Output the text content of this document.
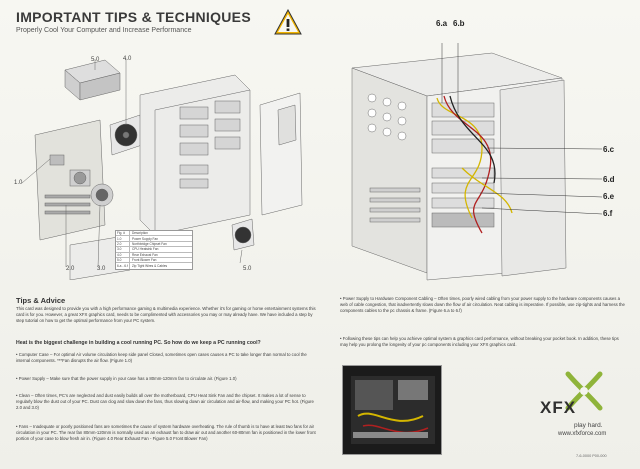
IMPORTANT TIPS & TECHNIQUES
Properly Cool Your Computer and Increase Performance
5.0	4.0
1.0
2.0	3.0	5.0
Fig. #	Description
1.0	Power Supply Fan
2.0	Northbridge Chipset Fan
3.0	CPU Heatsink Fan
4.0	Rear Exhaust Fan
5.0	Front Blower Fan
6.a - 6.f	Zip Tight Wires & Cables
6.a 6.b
6.c
6.d
6.e
6.f
Tips & Advice

This card was designed to provide you with a high performance gaming & multimedia experience. Whether it's for gaming or home entertainment systems this card is for you. However, a great XFX graphics card, needs to be complimented with accessories you may or may already have. We have included a step by step tutorial on how to get the optimal performance from your PC system.

Heat is the biggest challenge in building a cool running PC. So how do we keep a PC running cool?

• Computer Case – For optimal Air volume circulation keep side panel Closed, sometimes open cases causes a PC to take longer than normal to cool the internal components. ***Fan disrupts the air flow. (Figure 1.0)

• Power Supply – Make sure that the power supply in your case has a 80mm-120mm fan to circulate air. (Figure 1.0)

• Clean – Often times, PC's are neglected and dust easily builds all over the motherboard, CPU Heat Sink Fan and the chipset. It makes a lot of sense to regularly blow the dust out of your PC. Dust can clog and slow down the fans, thus slowing down air circulation and air-flow, and making your PC hot. (Figure 2.0 and 3.0)

• Fans – Inadequate or poorly positioned fans are sometimes the cause of system hardware overheating. The rule of thumb is to have at least two fans for air circulation in your PC. The rear fan 80mm-120mm is normally used as an exhaust fan to draw air out and another 60-80mm fan is positioned in the lower front portion of your case to blow fresh air in. (Figure 4.0 Rear Exhaust Fan - Figure 5.0 Front Blower Fan)

• Power Supply to Hardware Component Cabling – Often times, poorly wired cabling from your power supply to the hardware components causes a web of cable congestion, that inadvertently slows down the flow of air circulation. Neat cabling is imperative. If possible, use zip-tights and harness the components cables to the pc chassis & frame. (Figure 6.a to 6.f)

• Following these tips can help you achieve optimal system & graphics card performance, without breaking your pocket book. In addition, these tips may help you prolong the longevity of your pc components including your XFX graphics card.

XFX
play hard.
www.xfxforce.com
7-6-0000 P00-000
